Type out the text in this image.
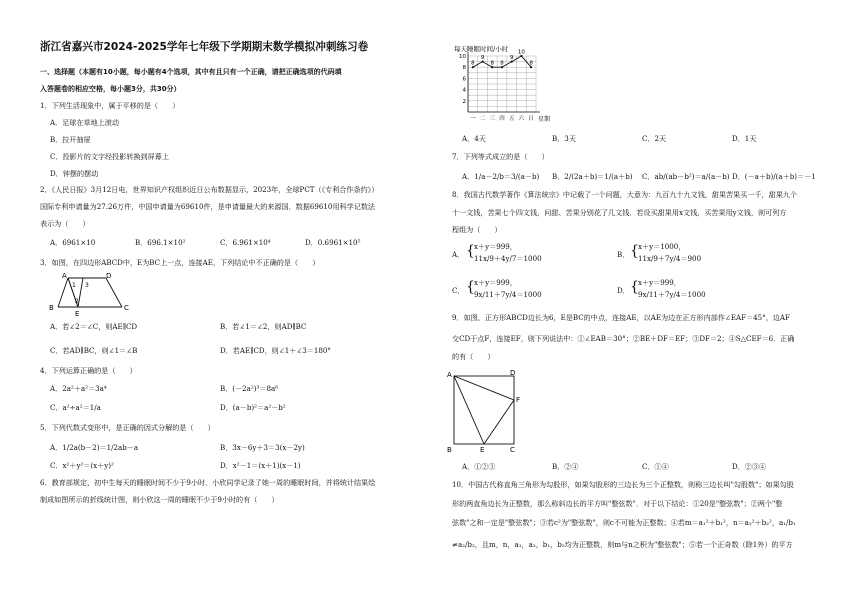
浙江省嘉兴市2024-2025学年七年级下学期期末数学模拟冲刺练习卷
一、选择题（本题有10小题，每小题有4个选项，其中有且只有一个正确，请把正确选项的代码填
入答题卷的相应空格，每小题3分，共30分）
1．下列生活现象中，属于平移的是（　　）
A．足球在草地上滚动
B．拉开抽屉
C．投影片的文字经投影转换到屏幕上
D．钟摆的摆动
2．《人民日报》3月12日电，世界知识产权组织近日公布数据显示，2023年，全球PCT（《专利合作条约》）
国际专利申请量为27.26万件，中国申请量为69610件，是申请量最大的来源国．数据69610用科学记数法
表示为（　　）
A．6961×10	B．696.1×10²	C．6.961×10⁴	D．0.6961×10⁵
3．如图，在四边形ABCD中，E为BC上一点，连接AE，下列结论中不正确的是（　　）
A	D
B	C
E
1
2
3
A．若∠2＝∠C，则AE∥CD	B．若∠1＝∠2，则AD∥BC
C．若AD∥BC，则∠1＝∠B	D．若AE∥CD，则∠1＋∠3＝180°
4．下列运算正确的是（　　）
A．2a²＋a²＝3a⁴	B．(－2a²)³＝8a⁶
C．a²÷a²＝1/a	D．(a－b)²＝a²－b²
5．下列代数式变形中，是正确的因式分解的是（　　）
A．1/2a(b－2)＝1/2ab－a	B．3x－6y＋3＝3(x－2y)
C．x²＋y²＝(x＋y)²	D．x²－1＝(x＋1)(x－1)
6．教育部规定，初中生每天的睡眠时间不少于9小时．小欣同学记录了她一周的睡眠时间，并将统计结果绘
制成如图所示的折线统计图，则小欣这一周的睡眠不少于9小时的有（　　）
每天睡眠时间/小时
10
8
6
4
2
一 二 三 四 五 六 日
8
9
8 8
9
10
8
星期
A．4天	B．3天	C．2天	D．1天
7．下列等式成立的是（　　）
A．1/a－2/b＝3/(a－b) B．2/(2a＋b)＝1/(a＋b) C．ab/(ab－b²)＝a/(a－b) D．(－a＋b)/(a＋b)＝－1
8．我国古代数学著作《算法统宗》中记载了一个问题，大意为：九百九十九文钱，甜果苦果买一千，甜果九个
十一文钱，苦果七个四文钱，问甜、苦果分别花了几文钱．若设买甜果用x文钱，买苦果用y文钱，则可列方
程组为（　　）
A． { x＋y＝999，
11x/9＋4y/7＝1000	B． { x＋y＝1000，
11x/9＋7y/4＝900
C． { x＋y＝999，
9x/11＋7y/4＝1000	D． { x＋y＝999，
9x/11＋7y/4＝1000
9．如图，正方形ABCD边长为6，E是BC的中点，连接AE，以AE为边在正方形内部作∠EAF＝45°，边AF
交CD于点F，连接EF，则下列说法中：①∠EAB＝30°；②BE＋DF＝EF；③DF＝2；④S△CEF＝6．正确
的有（　　）
A	D
B	C
E
F
A．①②③	B．②④	C．①④	D．②③④
10．中国古代称直角三角形为勾股形，如果勾股形的三边长为三个正整数，则称三边长叫"勾股数"；如果勾股
形的两直角边长为正整数，那么称斜边长的平方叫"整弦数"．对于以下结论：①20是"整弦数"；②两个"整
弦数"之和一定是"整弦数"；③若c²为"整弦数"，则c不可能为正整数；④若m＝a₁²＋b₁²，n＝a₂²＋b₂²，a₁/b₁
≠a₂/b₂，且m，n，a₁，a₂，b₁，b₂均为正整数，则m与n之积为"整弦数"；⑤若一个正奇数（除1外）的平方
